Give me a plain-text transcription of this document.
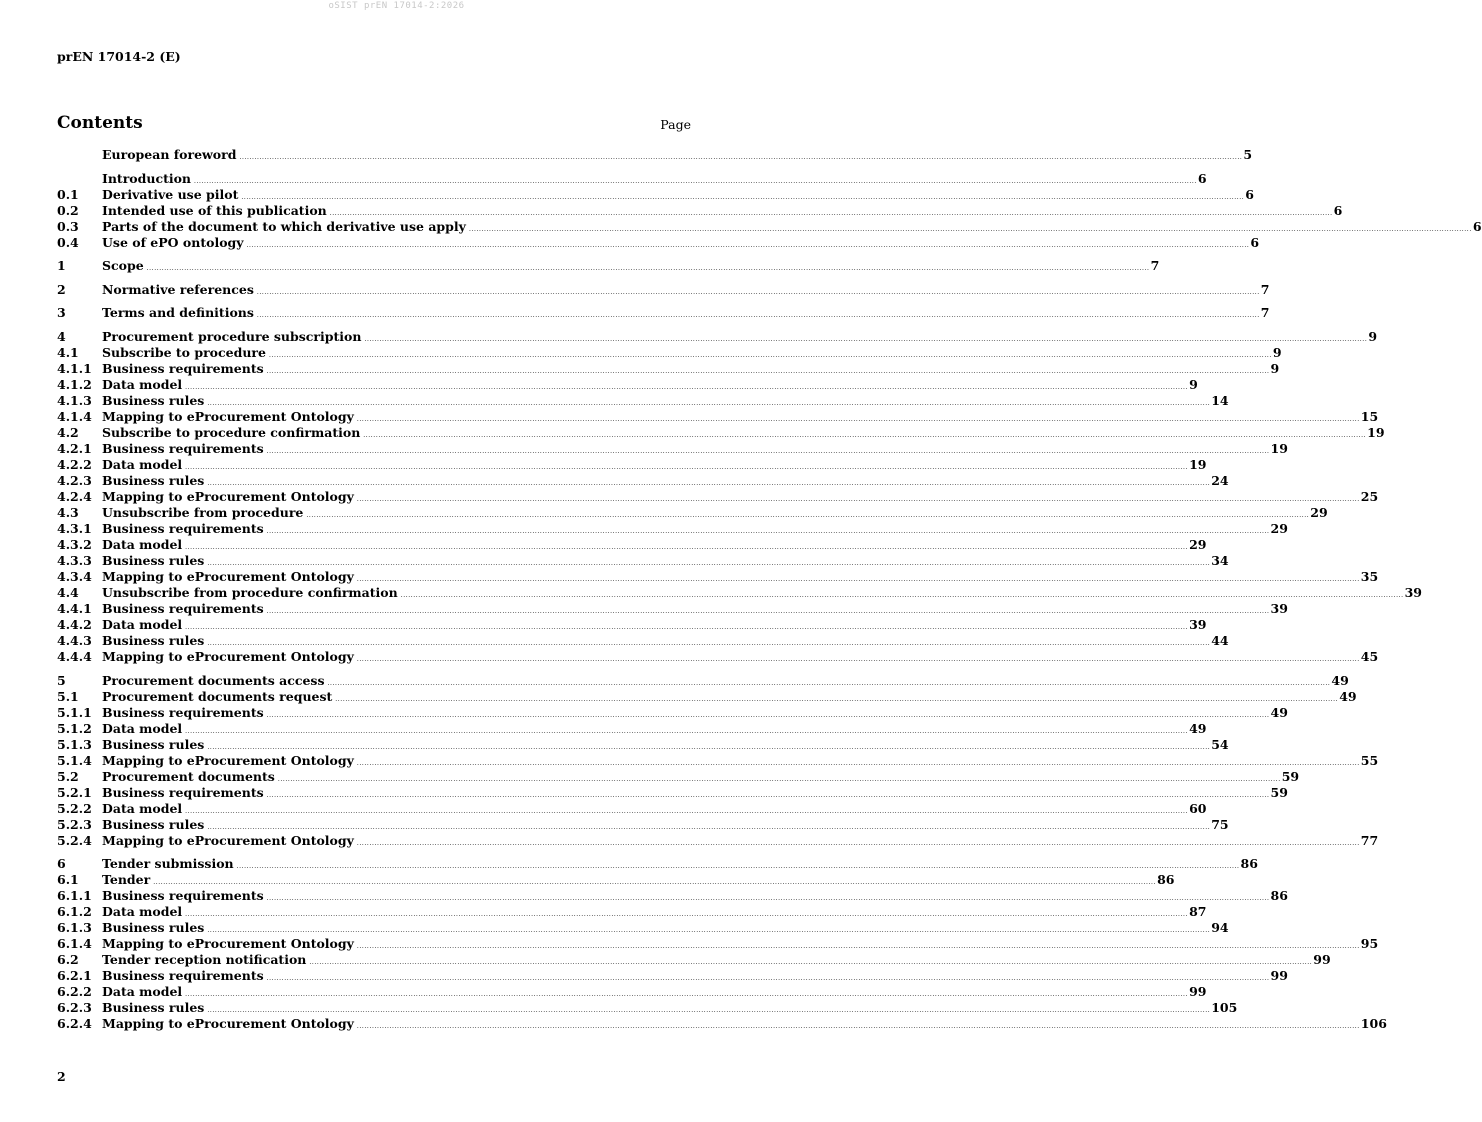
oSIST prEN 17014-2:2026
prEN 17014-2 (E)
Contents	Page
European foreword ................................................................................................................................................................................................................................................................................................................................................................................................................ 5
Introduction ................................................................................................................................................................................................................................................................................................................................................................................................................ 6
0.1	Derivative use pilot ................................................................................................................................................................................................................................................................................................................................................................................................................ 6
0.2	Intended use of this publication ................................................................................................................................................................................................................................................................................................................................................................................................................ 6
0.3	Parts of the document to which derivative use apply ................................................................................................................................................................................................................................................................................................................................................................................................................ 6
0.4	Use of ePO ontology ................................................................................................................................................................................................................................................................................................................................................................................................................ 6
1	Scope ................................................................................................................................................................................................................................................................................................................................................................................................................ 7
2	Normative references ................................................................................................................................................................................................................................................................................................................................................................................................................ 7
3	Terms and definitions ................................................................................................................................................................................................................................................................................................................................................................................................................ 7
4	Procurement procedure subscription ................................................................................................................................................................................................................................................................................................................................................................................................................ 9
4.1	Subscribe to procedure ................................................................................................................................................................................................................................................................................................................................................................................................................ 9
4.1.1 Business requirements ................................................................................................................................................................................................................................................................................................................................................................................................................ 9
4.1.2 Data model ................................................................................................................................................................................................................................................................................................................................................................................................................ 9
4.1.3 Business rules ................................................................................................................................................................................................................................................................................................................................................................................................................ 14
4.1.4 Mapping to eProcurement Ontology ................................................................................................................................................................................................................................................................................................................................................................................................................ 15
4.2	Subscribe to procedure confirmation ................................................................................................................................................................................................................................................................................................................................................................................................................ 19
4.2.1 Business requirements ................................................................................................................................................................................................................................................................................................................................................................................................................ 19
4.2.2 Data model ................................................................................................................................................................................................................................................................................................................................................................................................................ 19
4.2.3 Business rules ................................................................................................................................................................................................................................................................................................................................................................................................................ 24
4.2.4 Mapping to eProcurement Ontology ................................................................................................................................................................................................................................................................................................................................................................................................................ 25
4.3	Unsubscribe from procedure ................................................................................................................................................................................................................................................................................................................................................................................................................ 29
4.3.1 Business requirements ................................................................................................................................................................................................................................................................................................................................................................................................................ 29
4.3.2 Data model ................................................................................................................................................................................................................................................................................................................................................................................................................ 29
4.3.3 Business rules ................................................................................................................................................................................................................................................................................................................................................................................................................ 34
4.3.4 Mapping to eProcurement Ontology ................................................................................................................................................................................................................................................................................................................................................................................................................ 35
4.4	Unsubscribe from procedure confirmation ................................................................................................................................................................................................................................................................................................................................................................................................................ 39
4.4.1 Business requirements ................................................................................................................................................................................................................................................................................................................................................................................................................ 39
4.4.2 Data model ................................................................................................................................................................................................................................................................................................................................................................................................................ 39
4.4.3 Business rules ................................................................................................................................................................................................................................................................................................................................................................................................................ 44
4.4.4 Mapping to eProcurement Ontology ................................................................................................................................................................................................................................................................................................................................................................................................................ 45
5	Procurement documents access ................................................................................................................................................................................................................................................................................................................................................................................................................ 49
5.1	Procurement documents request ................................................................................................................................................................................................................................................................................................................................................................................................................ 49
5.1.1 Business requirements ................................................................................................................................................................................................................................................................................................................................................................................................................ 49
5.1.2 Data model ................................................................................................................................................................................................................................................................................................................................................................................................................ 49
5.1.3 Business rules ................................................................................................................................................................................................................................................................................................................................................................................................................ 54
5.1.4 Mapping to eProcurement Ontology ................................................................................................................................................................................................................................................................................................................................................................................................................ 55
5.2	Procurement documents ................................................................................................................................................................................................................................................................................................................................................................................................................ 59
5.2.1 Business requirements ................................................................................................................................................................................................................................................................................................................................................................................................................ 59
5.2.2 Data model ................................................................................................................................................................................................................................................................................................................................................................................................................ 60
5.2.3 Business rules ................................................................................................................................................................................................................................................................................................................................................................................................................ 75
5.2.4 Mapping to eProcurement Ontology ................................................................................................................................................................................................................................................................................................................................................................................................................ 77
6	Tender submission ................................................................................................................................................................................................................................................................................................................................................................................................................ 86
6.1	Tender ................................................................................................................................................................................................................................................................................................................................................................................................................ 86
6.1.1 Business requirements ................................................................................................................................................................................................................................................................................................................................................................................................................ 86
6.1.2 Data model ................................................................................................................................................................................................................................................................................................................................................................................................................ 87
6.1.3 Business rules ................................................................................................................................................................................................................................................................................................................................................................................................................ 94
6.1.4 Mapping to eProcurement Ontology ................................................................................................................................................................................................................................................................................................................................................................................................................ 95
6.2	Tender reception notification ................................................................................................................................................................................................................................................................................................................................................................................................................ 99
6.2.1 Business requirements ................................................................................................................................................................................................................................................................................................................................................................................................................ 99
6.2.2 Data model ................................................................................................................................................................................................................................................................................................................................................................................................................ 99
6.2.3 Business rules ................................................................................................................................................................................................................................................................................................................................................................................................................ 105
6.2.4 Mapping to eProcurement Ontology ................................................................................................................................................................................................................................................................................................................................................................................................................ 106
2
